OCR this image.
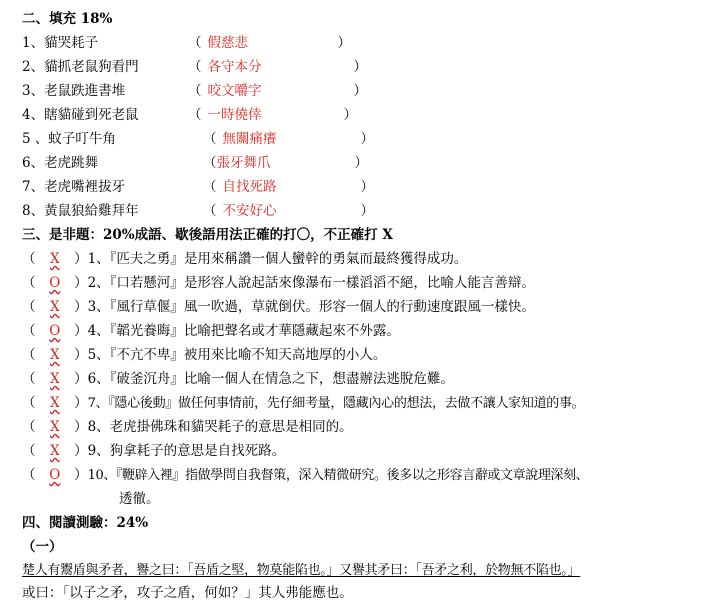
二、填充 18%
1、貓哭耗子	（ 假慈悲	）
2、貓抓老鼠狗看門	（ 各守本分	）
3、老鼠跌進書堆	（ 咬文嚼字	）
4、瞎貓碰到死老鼠	（ 一時僥倖	）
5 、蚊子叮牛角	（ 無關痛癢	）
6、老虎跳舞	（張牙舞爪	）
7、老虎嘴裡拔牙	（ 自找死路	）
8、黃鼠狼給雞拜年	（ 不安好心	）
三、是非題：20%成語、歇後語用法正確的打〇，不正確打 X
（ X ）1、『匹夫之勇』是用來稱讚一個人蠻幹的勇氣而最終獲得成功。
（ O ）2、『口若懸河』是形容人說起話來像瀑布一樣滔滔不絕，比喻人能言善辯。
（ X ）3、『風行草偃』風一吹過，草就倒伏。形容一個人的行動速度跟風一樣快。
（ O ）4、『韜光養晦』比喻把聲名或才華隱藏起來不外露。
（ X ）5、『不亢不卑』被用來比喻不知天高地厚的小人。
（ X ）6、『破釜沉舟』比喻一個人在情急之下，想盡辦法逃脫危難。
（ X ）7、『隱心後動』做任何事情前，先仔細考量，隱藏內心的想法，去做不讓人家知道的事。
（ X ）8、老虎掛佛珠和貓哭耗子的意思是相同的。
（ X ）9、狗拿耗子的意思是自找死路。
（ O ）10、『鞭辟入裡』指做學問自我督策，深入精微研究。後多以之形容言辭或文章說理深刻、
透徹。
四、閱讀測驗：24%
（一）
楚人有鬻盾與矛者，譽之曰：「吾盾之堅，物莫能陷也。」又譽其矛曰：「吾矛之利，於物無不陷也。」
或曰：「以子之矛，攻子之盾，何如？」其人弗能應也。
